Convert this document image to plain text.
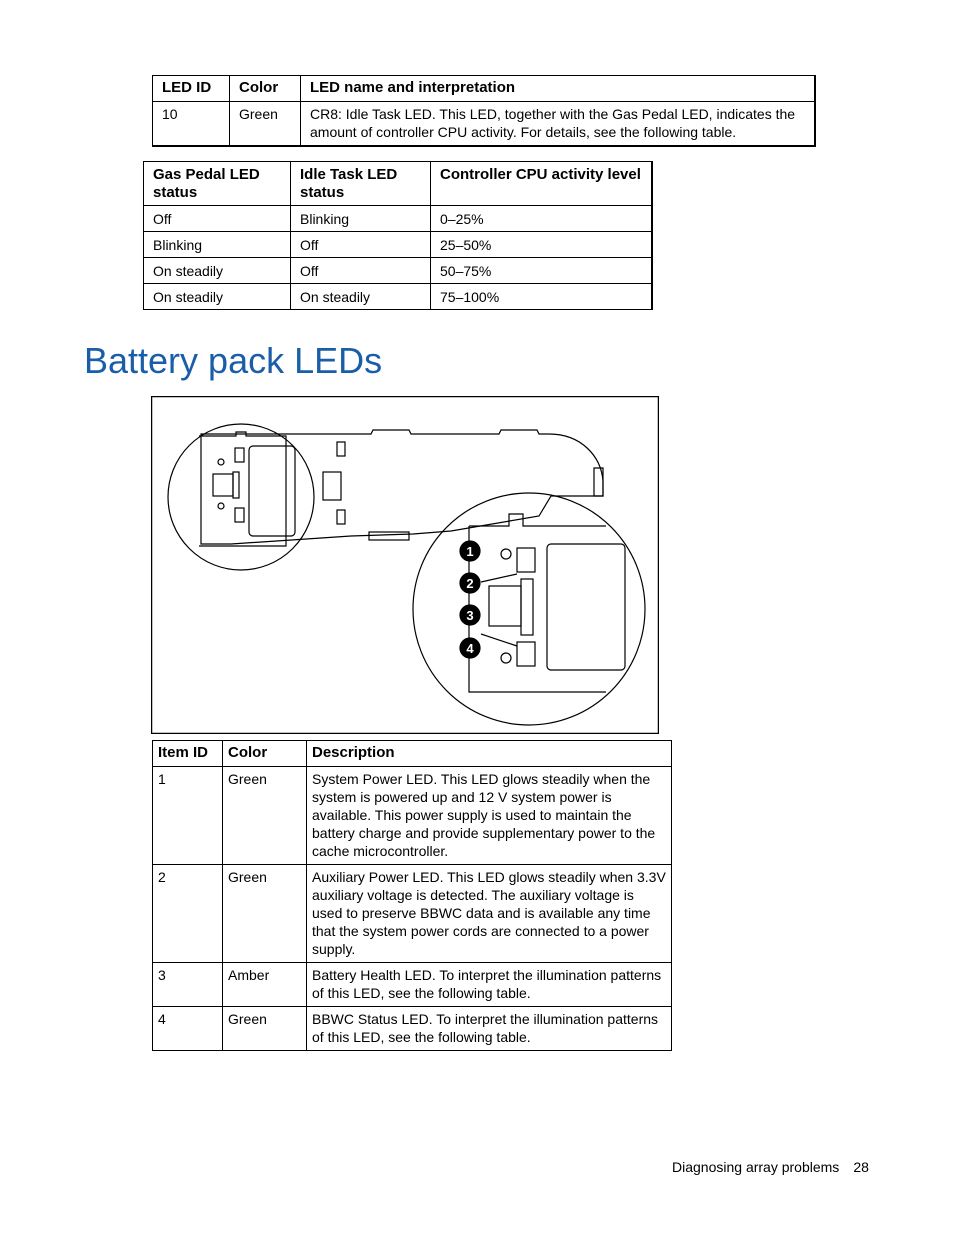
LED ID	Color	LED name and interpretation
10	Green	CR8: Idle Task LED. This LED, together with the Gas Pedal LED, indicates the amount of controller CPU activity. For details, see the following table.
Gas Pedal LED status	Idle Task LED status	Controller CPU activity level
Off	Blinking	0–25%
Blinking	Off	25–50%
On steadily	Off	50–75%
On steadily	On steadily	75–100%
Battery pack LEDs
1
2
3
4
Item ID	Color	Description
1	Green	System Power LED. This LED glows steadily when the system is powered up and 12 V system power is available. This power supply is used to maintain the battery charge and provide supplementary power to the cache microcontroller.
2	Green	Auxiliary Power LED. This LED glows steadily when 3.3V auxiliary voltage is detected. The auxiliary voltage is used to preserve BBWC data and is available any time that the system power cords are connected to a power supply.
3	Amber	Battery Health LED. To interpret the illumination patterns of this LED, see the following table.
4	Green	BBWC Status LED. To interpret the illumination patterns of this LED, see the following table.
Diagnosing array problems 28
